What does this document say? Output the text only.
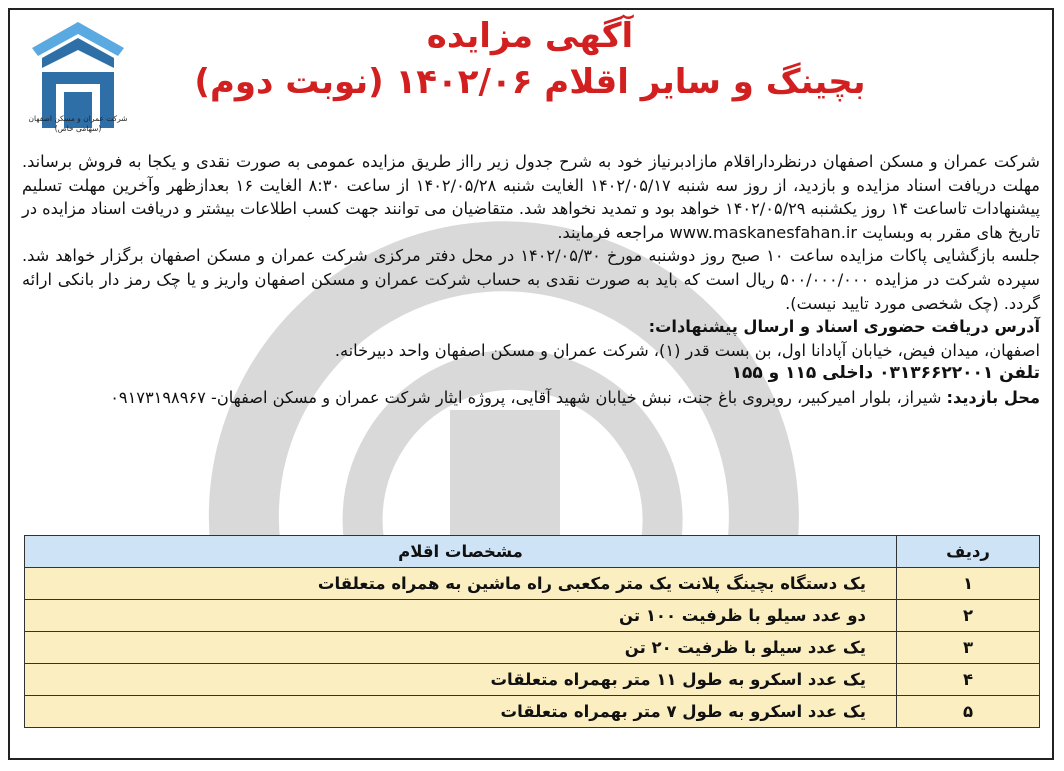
شرکت عمران و مسکن اصفهان
(سهامی خاص)
آگهی مزایده
بچینگ و سایر اقلام ۱۴۰۲/۰۶ (نوبت دوم)

شرکت عمران و مسکن اصفهان درنظرداراقلام مازادبرنیاز خود به شرح جدول زیر رااز طریق مزایده عمومی به صورت نقدی و یکجا به فروش برساند. مهلت دریافت اسناد مزایده و بازدید، از روز سه شنبه ۱۴۰۲/۰۵/۱۷ الغایت شنبه ۱۴۰۲/۰۵/۲۸ از ساعت ۸:۳۰ الغایت ۱۶ بعدازظهر وآخرین مهلت تسلیم پیشنهادات تاساعت ۱۴ روز یکشنبه ۱۴۰۲/۰۵/۲۹ خواهد بود و تمدید نخواهد شد. متقاضیان می توانند جهت کسب اطلاعات بیشتر و دریافت اسناد مزایده در تاریخ های مقرر به وبسایت www.maskanesfahan.ir مراجعه فرمایند.

جلسه بازگشایی پاکات مزایده ساعت ۱۰ صبح روز دوشنبه مورخ ۱۴۰۲/۰۵/۳۰ در محل دفتر مرکزی شرکت عمران و مسکن اصفهان برگزار خواهد شد. سپرده شرکت در مزایده ۵۰۰/۰۰۰/۰۰۰ ریال است که باید به صورت نقدی به حساب شرکت عمران و مسکن اصفهان واریز و یا چک رمز دار بانکی ارائه گردد. (چک شخصی مورد تایید نیست).

آدرس دریافت حضوری اسناد و ارسال پیشنهادات:

اصفهان، میدان فیض، خیابان آپادانا اول، بن بست قدر (۱)، شرکت عمران و مسکن اصفهان واحد دبیرخانه.

تلفن ۰۳۱۳۶۶۲۲۰۰۱ داخلی ۱۱۵ و ۱۵۵

محل بازدید: شیراز، بلوار امیرکبیر، روبروی باغ جنت، نبش خیابان شهید آقایی، پروژه ایثار شرکت عمران و مسکن اصفهان- ۰۹۱۷۳۱۹۸۹۶۷

ردیف	مشخصات اقلام
۱	یک دستگاه بچینگ پلانت یک متر مکعبی راه ماشین به همراه متعلقات
۲	دو عدد سیلو با ظرفیت ۱۰۰ تن
۳	یک عدد سیلو با ظرفیت ۲۰ تن
۴	یک عدد اسکرو به طول ۱۱ متر بهمراه متعلقات
۵	یک عدد اسکرو به طول ۷ متر بهمراه متعلقات
